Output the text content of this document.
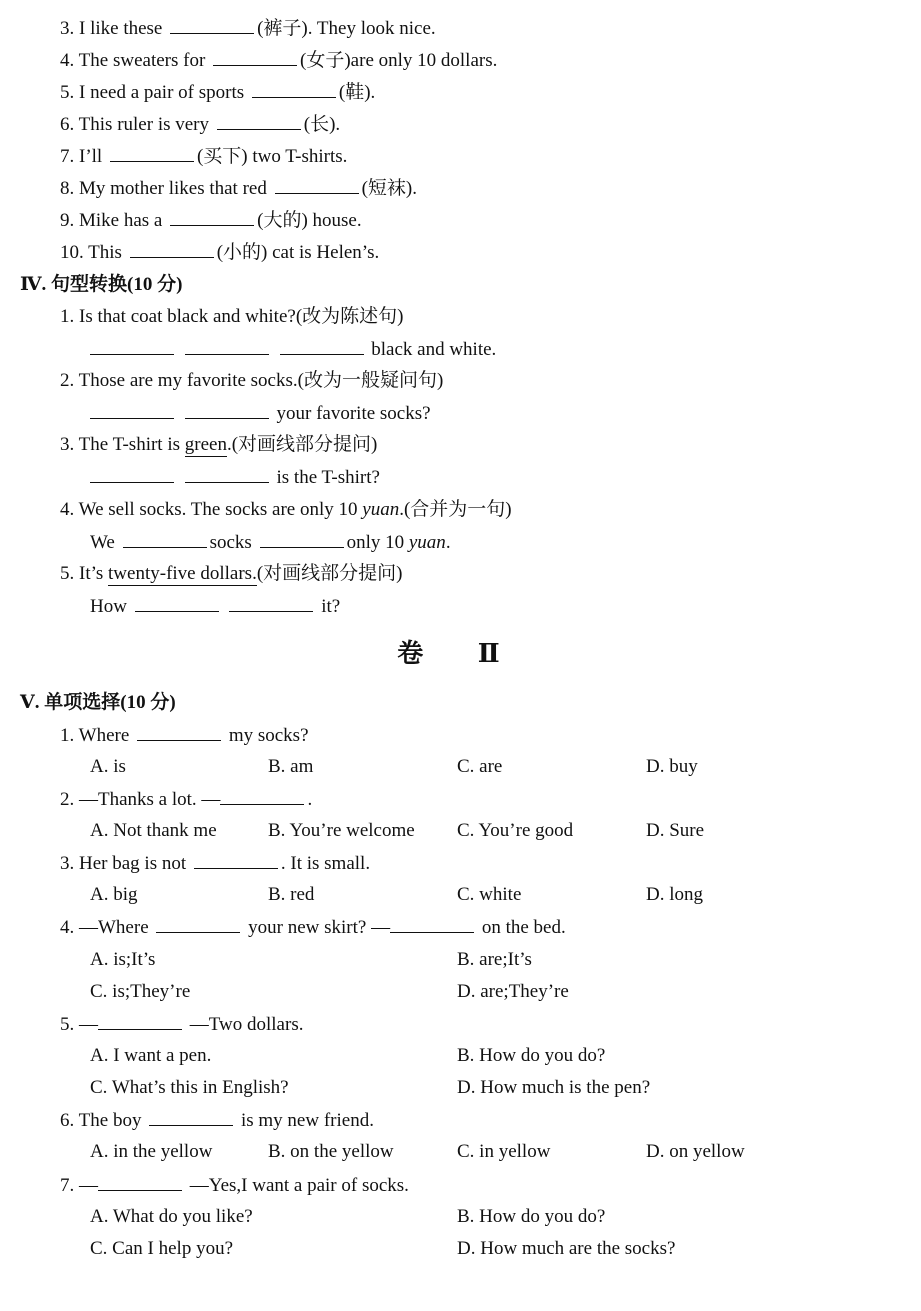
3. I like these	(裤子). They look nice.
4. The sweaters for	(女子)are only 10 dollars.
5. I need a pair of sports	(鞋).
6. This ruler is very	(长).
7. I’ll	(买下) two T-shirts.
8. My mother likes that red	(短袜).
9. Mike has a	(大的) house.
10. This	(小的) cat is Helen’s.
Ⅳ. 句型转换(10 分)
1. Is that coat black and white?(改为陈述句)
black and white.
2. Those are my favorite socks.(改为一般疑问句)
your favorite socks?
3. The T-shirt is green.(对画线部分提问)
is the T-shirt?
4. We sell socks. The socks are only 10 yuan.(合并为一句)
We	socks	only 10 yuan.
5. It’s twenty-five dollars.(对画线部分提问)
How	it?
卷 Ⅱ
Ⅴ. 单项选择(10 分)
1. Where	my socks?
A. is	B. am	C. are	D. buy
2. —Thanks a lot. —	.
A. Not thank me	B. You’re welcome C. You’re good	D. Sure
3. Her bag is not	. It is small.
A. big	B. red	C. white	D. long
4. —Where	your new skirt? —	on the bed.
A. is;It’s	B. are;It’s
C. is;They’re	D. are;They’re
5. —	—Two dollars.
A. I want a pen.	B. How do you do?
C. What’s this in English?	D. How much is the pen?
6. The boy	is my new friend.
A. in the yellow	B. on the yellow	C. in yellow	D. on yellow
7. —	—Yes,I want a pair of socks.
A. What do you like?	B. How do you do?
C. Can I help you?	D. How much are the socks?
